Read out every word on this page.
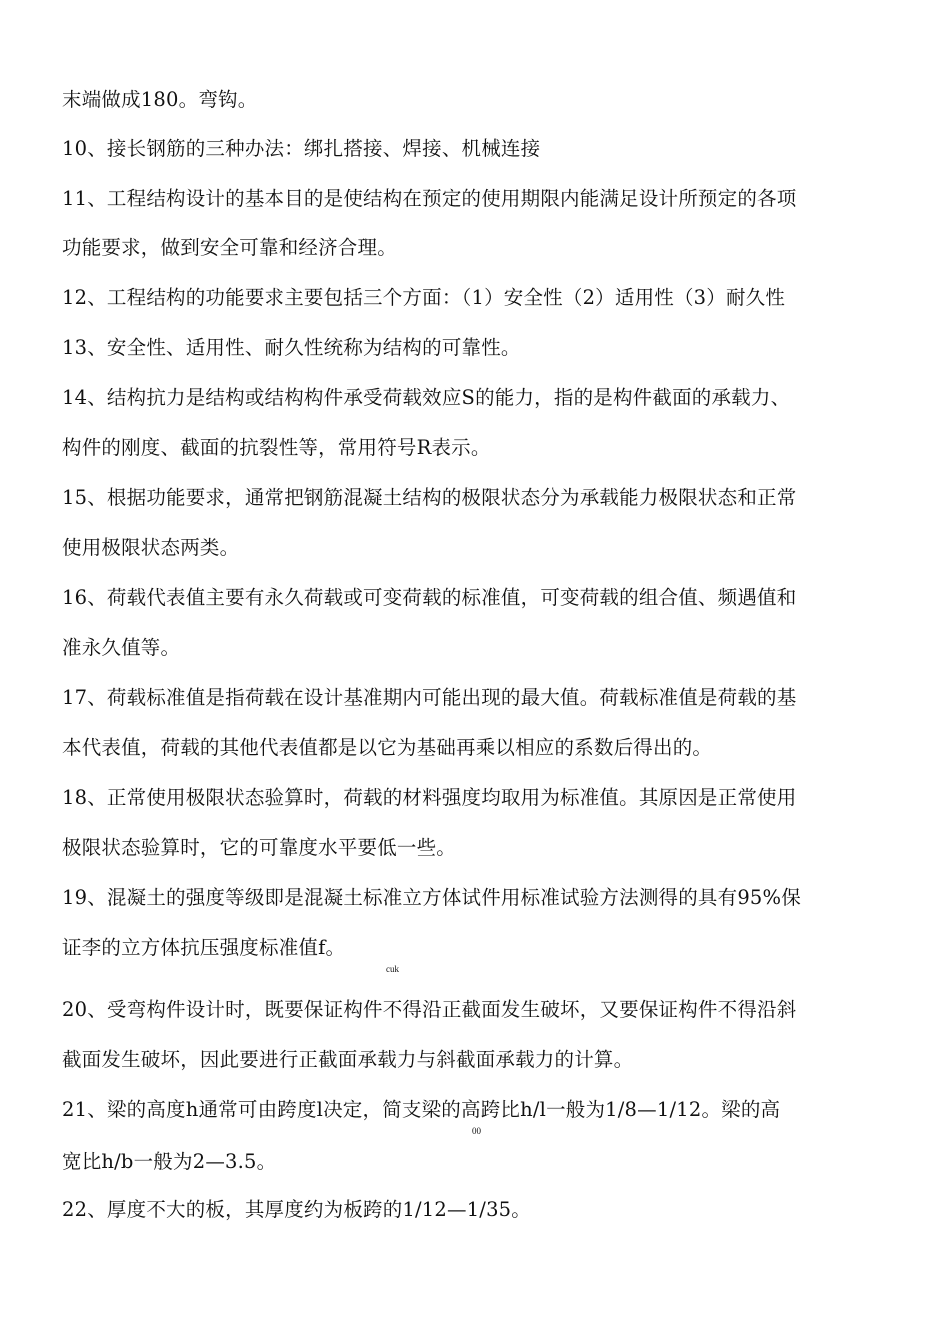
末端做成180。弯钩。
10、接长钢筋的三种办法：绑扎搭接、焊接、机械连接
11、工程结构设计的基本目的是使结构在预定的使用期限内能满足设计所预定的各项
功能要求，做到安全可靠和经济合理。
12、工程结构的功能要求主要包括三个方面：（1）安全性（2）适用性（3）耐久性
13、安全性、适用性、耐久性统称为结构的可靠性。
14、结构抗力是结构或结构构件承受荷载效应S的能力，指的是构件截面的承载力、
构件的刚度、截面的抗裂性等，常用符号R表示。
15、根据功能要求，通常把钢筋混凝土结构的极限状态分为承载能力极限状态和正常
使用极限状态两类。
16、荷载代表值主要有永久荷载或可变荷载的标准值，可变荷载的组合值、频遇值和
准永久值等。
17、荷载标准值是指荷载在设计基准期内可能出现的最大值。荷载标准值是荷载的基
本代表值，荷载的其他代表值都是以它为基础再乘以相应的系数后得出的。
18、正常使用极限状态验算时，荷载的材料强度均取用为标准值。其原因是正常使用
极限状态验算时，它的可靠度水平要低一些。
19、混凝土的强度等级即是混凝土标准立方体试件用标准试验方法测得的具有95%保
证李的立方体抗压强度标准值f。
cuk
20、受弯构件设计时，既要保证构件不得沿正截面发生破坏，又要保证构件不得沿斜
截面发生破坏，因此要进行正截面承载力与斜截面承载力的计算。
21、梁的高度h通常可由跨度l决定，简支梁的高跨比h/l一般为1/8—1/12。梁的高
00
宽比h/b一般为2—3.5。
22、厚度不大的板，其厚度约为板跨的1/12—1/35。
